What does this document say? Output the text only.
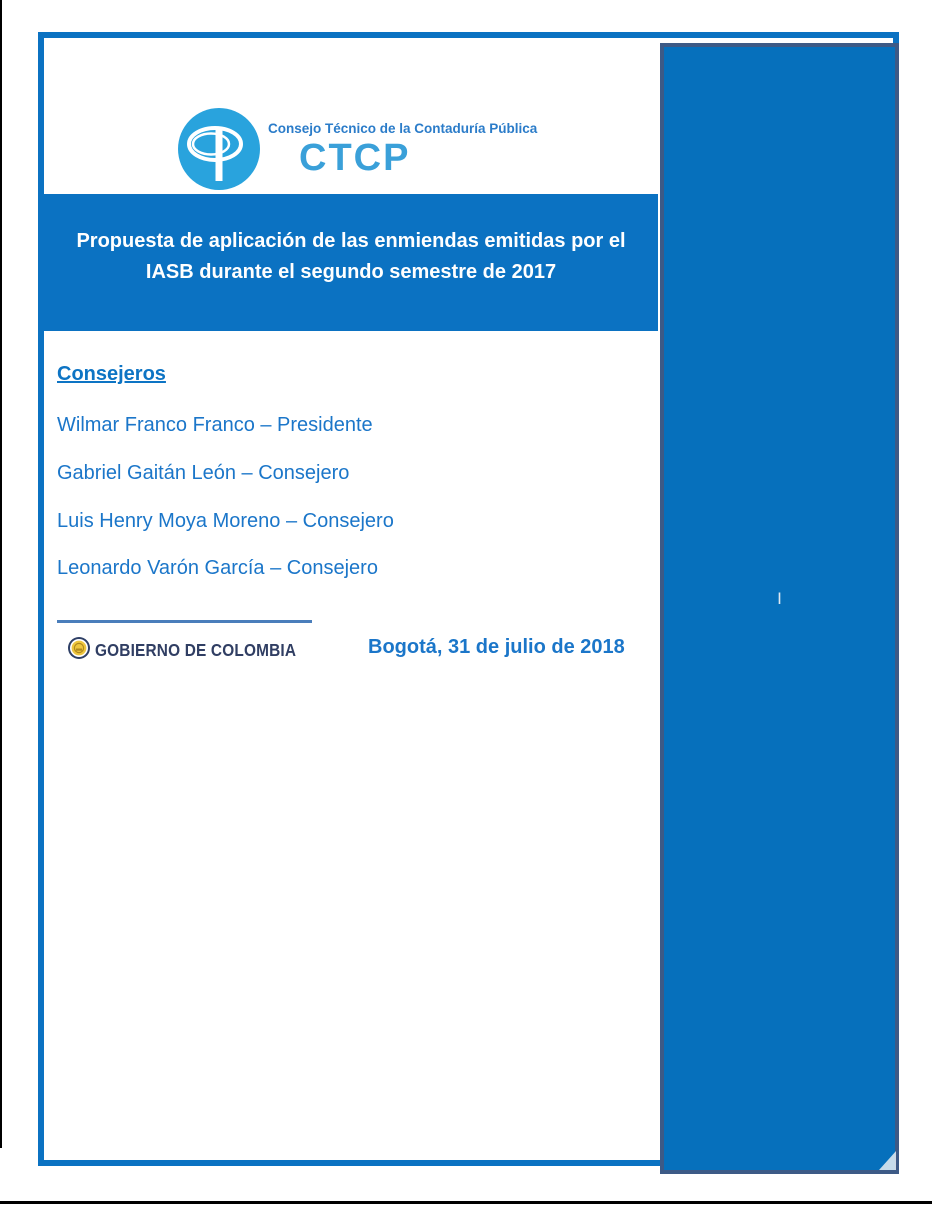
I
Consejo Técnico de la Contaduría Pública
CTCP
Propuesta de aplicación de las enmiendas emitidas por el IASB durante el segundo semestre de 2017
Consejeros
Wilmar Franco Franco – Presidente
Gabriel Gaitán León – Consejero
Luis Henry Moya Moreno – Consejero
Leonardo Varón García – Consejero
GOBIERNO DE COLOMBIA	Bogotá, 31 de julio de 2018
